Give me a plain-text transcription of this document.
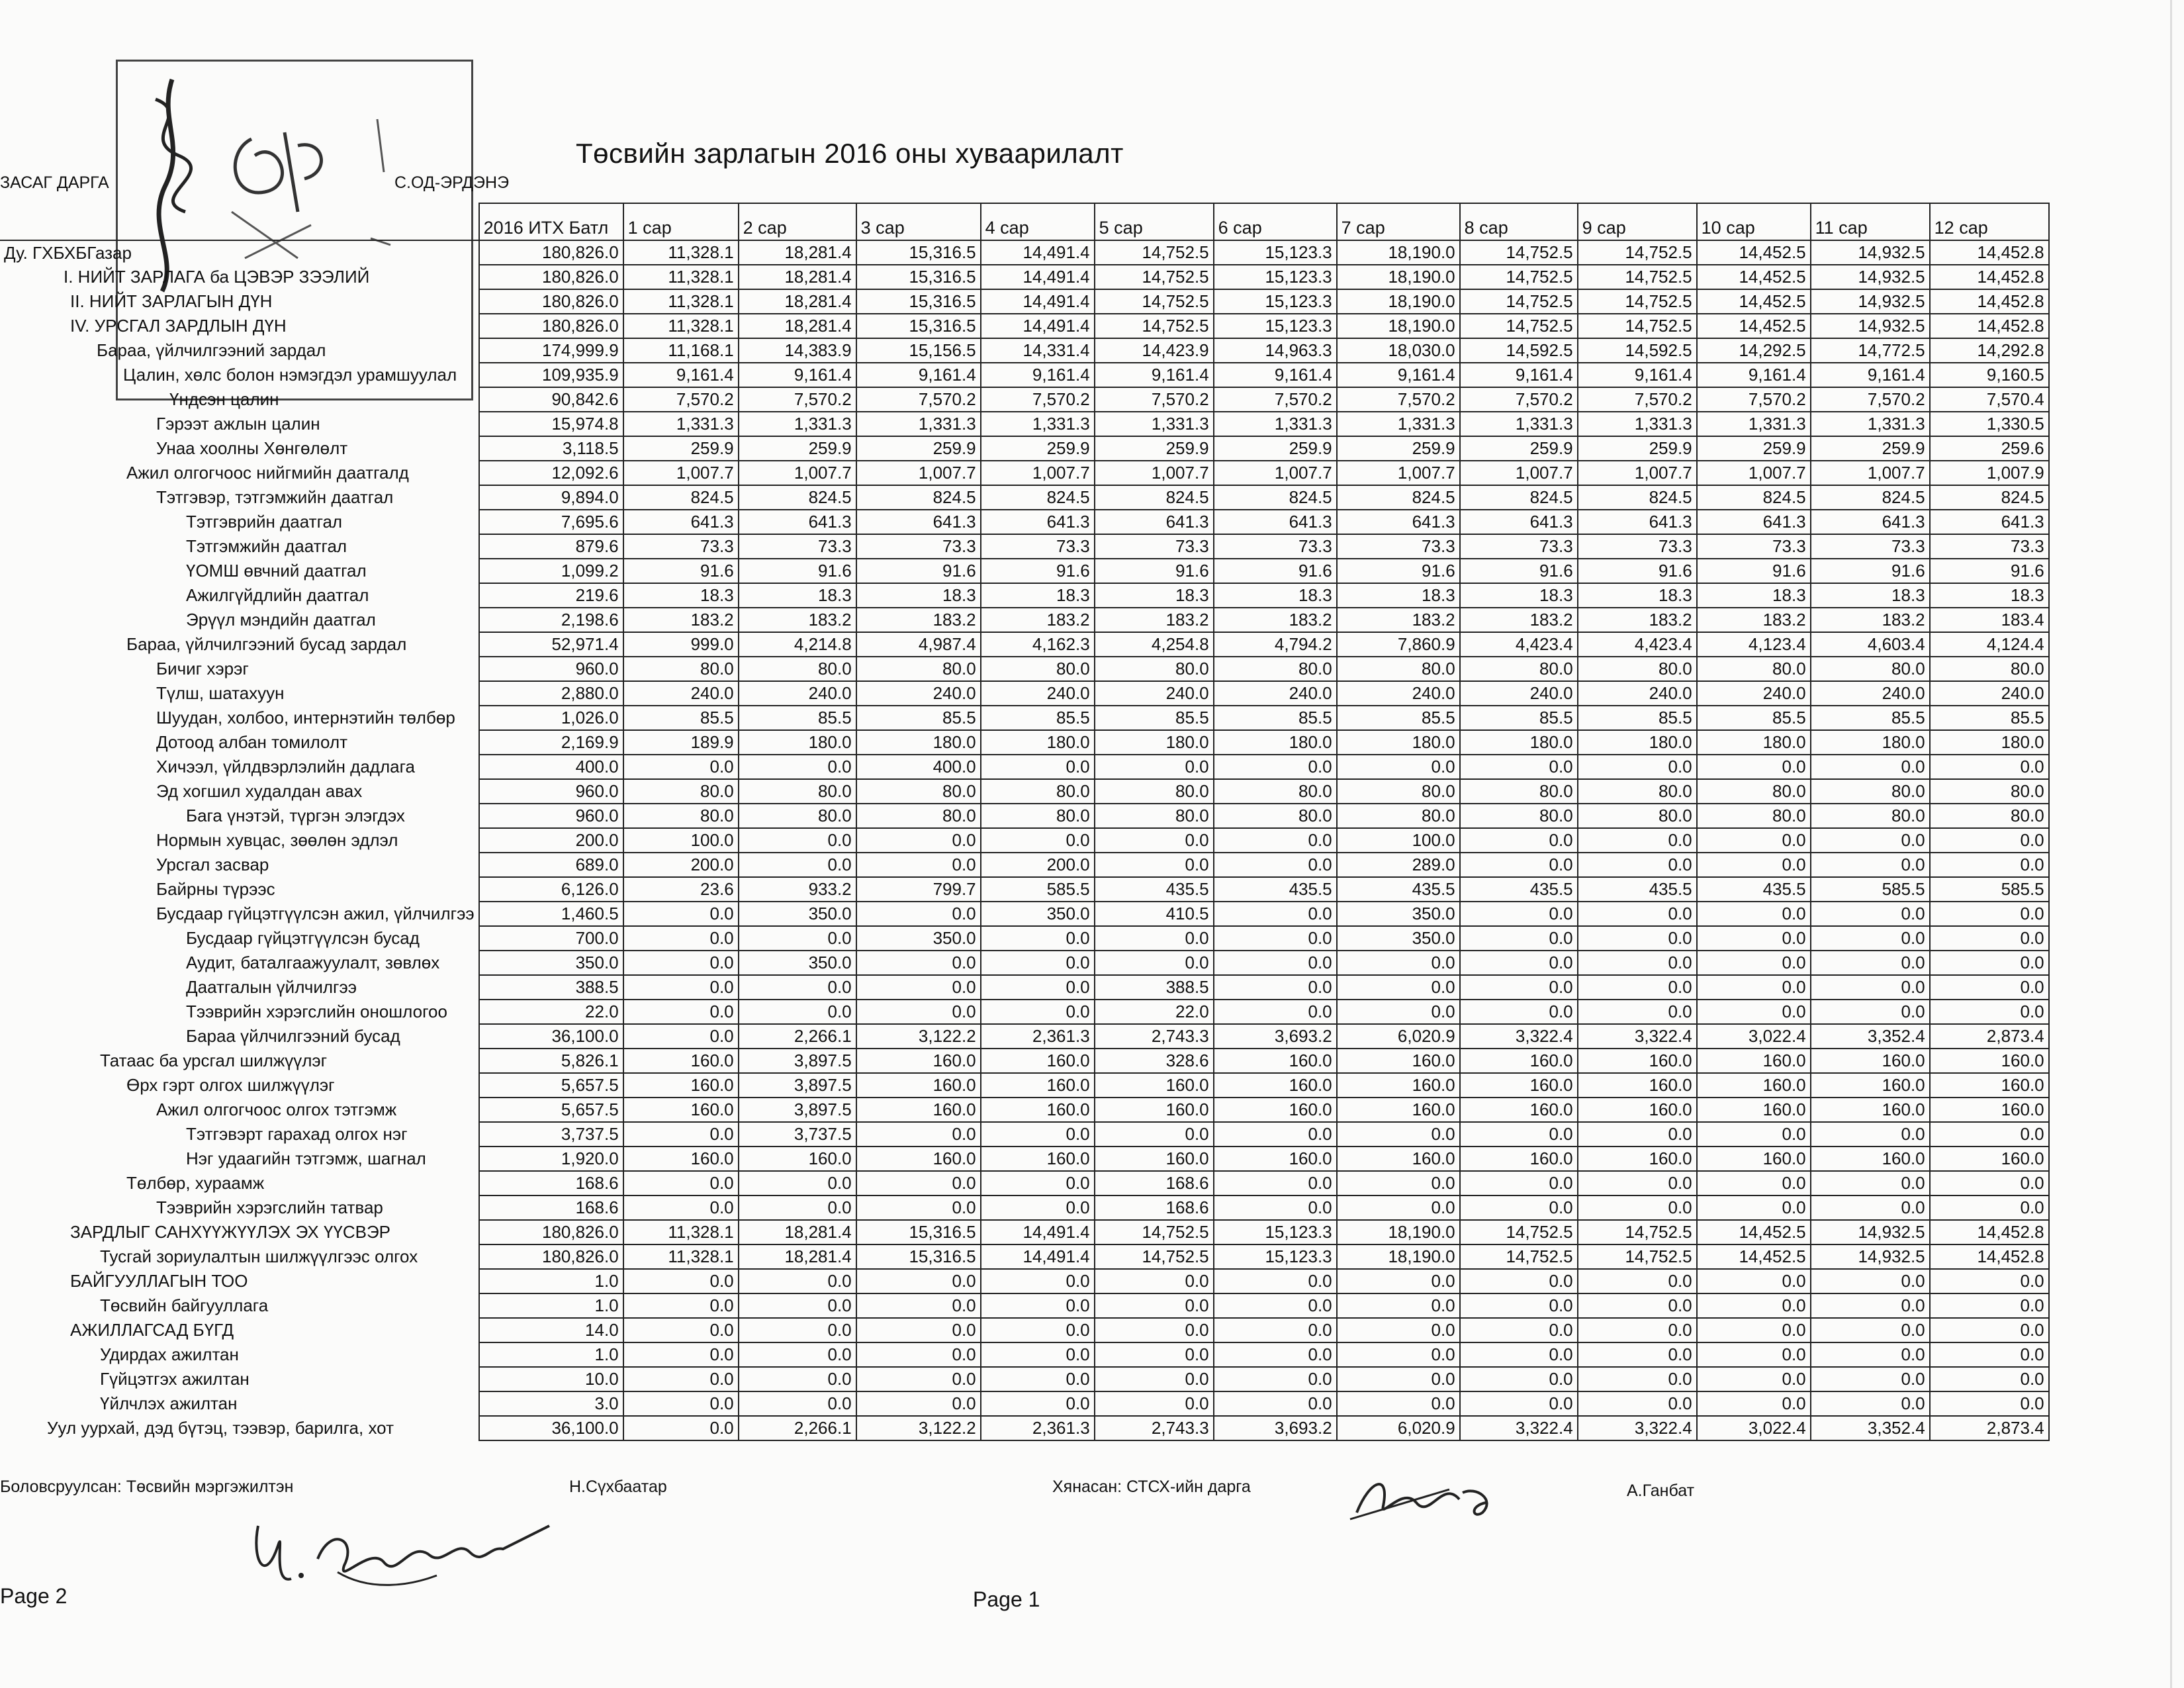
Төсвийн зарлагын 2016 оны хуваарилалт
ЗАСАГ ДАРГА	С.ОД-ЭРДЭНЭ
	2016 ИТХ Батл	1 сар	2 сар	3 сар	4 сар	5 сар	6 сар	7 сар	8 сар	9 сар	10 сар	11 сар	12 сар
Ду. ГХБХБГазар	180,826.0	11,328.1	18,281.4	15,316.5	14,491.4	14,752.5	15,123.3	18,190.0	14,752.5	14,752.5	14,452.5	14,932.5	14,452.8
I. НИЙТ ЗАРЛАГА ба ЦЭВЭР ЗЭЭЛИЙ	180,826.0	11,328.1	18,281.4	15,316.5	14,491.4	14,752.5	15,123.3	18,190.0	14,752.5	14,752.5	14,452.5	14,932.5	14,452.8
II. НИЙТ ЗАРЛАГЫН ДҮН	180,826.0	11,328.1	18,281.4	15,316.5	14,491.4	14,752.5	15,123.3	18,190.0	14,752.5	14,752.5	14,452.5	14,932.5	14,452.8
IV. УРСГАЛ ЗАРДЛЫН ДҮН	180,826.0	11,328.1	18,281.4	15,316.5	14,491.4	14,752.5	15,123.3	18,190.0	14,752.5	14,752.5	14,452.5	14,932.5	14,452.8
Бараа, үйлчилгээний зардал	174,999.9	11,168.1	14,383.9	15,156.5	14,331.4	14,423.9	14,963.3	18,030.0	14,592.5	14,592.5	14,292.5	14,772.5	14,292.8
Цалин, хөлс болон нэмэгдэл урамшуулал	109,935.9	9,161.4	9,161.4	9,161.4	9,161.4	9,161.4	9,161.4	9,161.4	9,161.4	9,161.4	9,161.4	9,161.4	9,160.5
Үндсэн цалин	90,842.6	7,570.2	7,570.2	7,570.2	7,570.2	7,570.2	7,570.2	7,570.2	7,570.2	7,570.2	7,570.2	7,570.2	7,570.4
Гэрээт ажлын цалин	15,974.8	1,331.3	1,331.3	1,331.3	1,331.3	1,331.3	1,331.3	1,331.3	1,331.3	1,331.3	1,331.3	1,331.3	1,330.5
Унаа хоолны Хөнгөлөлт	3,118.5	259.9	259.9	259.9	259.9	259.9	259.9	259.9	259.9	259.9	259.9	259.9	259.6
Ажил олгогчоос нийгмийн даатгалд	12,092.6	1,007.7	1,007.7	1,007.7	1,007.7	1,007.7	1,007.7	1,007.7	1,007.7	1,007.7	1,007.7	1,007.7	1,007.9
Тэтгэвэр, тэтгэмжийн даатгал	9,894.0	824.5	824.5	824.5	824.5	824.5	824.5	824.5	824.5	824.5	824.5	824.5	824.5
Тэтгэврийн даатгал	7,695.6	641.3	641.3	641.3	641.3	641.3	641.3	641.3	641.3	641.3	641.3	641.3	641.3
Тэтгэмжийн даатгал	879.6	73.3	73.3	73.3	73.3	73.3	73.3	73.3	73.3	73.3	73.3	73.3	73.3
ҮОМШ өвчний даатгал	1,099.2	91.6	91.6	91.6	91.6	91.6	91.6	91.6	91.6	91.6	91.6	91.6	91.6
Ажилгүйдлийн даатгал	219.6	18.3	18.3	18.3	18.3	18.3	18.3	18.3	18.3	18.3	18.3	18.3	18.3
Эрүүл мэндийн даатгал	2,198.6	183.2	183.2	183.2	183.2	183.2	183.2	183.2	183.2	183.2	183.2	183.2	183.4
Бараа, үйлчилгээний бусад зардал	52,971.4	999.0	4,214.8	4,987.4	4,162.3	4,254.8	4,794.2	7,860.9	4,423.4	4,423.4	4,123.4	4,603.4	4,124.4
Бичиг хэрэг	960.0	80.0	80.0	80.0	80.0	80.0	80.0	80.0	80.0	80.0	80.0	80.0	80.0
Түлш, шатахуун	2,880.0	240.0	240.0	240.0	240.0	240.0	240.0	240.0	240.0	240.0	240.0	240.0	240.0
Шуудан, холбоо, интернэтийн төлбөр	1,026.0	85.5	85.5	85.5	85.5	85.5	85.5	85.5	85.5	85.5	85.5	85.5	85.5
Дотоод албан томилолт	2,169.9	189.9	180.0	180.0	180.0	180.0	180.0	180.0	180.0	180.0	180.0	180.0	180.0
Хичээл, үйлдвэрлэлийн дадлага	400.0	0.0	0.0	400.0	0.0	0.0	0.0	0.0	0.0	0.0	0.0	0.0	0.0
Эд хогшил худалдан авах	960.0	80.0	80.0	80.0	80.0	80.0	80.0	80.0	80.0	80.0	80.0	80.0	80.0
Бага үнэтэй, түргэн элэгдэх	960.0	80.0	80.0	80.0	80.0	80.0	80.0	80.0	80.0	80.0	80.0	80.0	80.0
Нормын хувцас, зөөлөн эдлэл	200.0	100.0	0.0	0.0	0.0	0.0	0.0	100.0	0.0	0.0	0.0	0.0	0.0
Урсгал засвар	689.0	200.0	0.0	0.0	200.0	0.0	0.0	289.0	0.0	0.0	0.0	0.0	0.0
Байрны түрээс	6,126.0	23.6	933.2	799.7	585.5	435.5	435.5	435.5	435.5	435.5	435.5	585.5	585.5
Бусдаар гүйцэтгүүлсэн ажил, үйлчилгээ	1,460.5	0.0	350.0	0.0	350.0	410.5	0.0	350.0	0.0	0.0	0.0	0.0	0.0
Бусдаар гүйцэтгүүлсэн бусад	700.0	0.0	0.0	350.0	0.0	0.0	0.0	350.0	0.0	0.0	0.0	0.0	0.0
Аудит, баталгаажуулалт, зөвлөх	350.0	0.0	350.0	0.0	0.0	0.0	0.0	0.0	0.0	0.0	0.0	0.0	0.0
Даатгалын үйлчилгээ	388.5	0.0	0.0	0.0	0.0	388.5	0.0	0.0	0.0	0.0	0.0	0.0	0.0
Тээврийн хэрэгслийн оношлогоо	22.0	0.0	0.0	0.0	0.0	22.0	0.0	0.0	0.0	0.0	0.0	0.0	0.0
Бараа үйлчилгээний бусад	36,100.0	0.0	2,266.1	3,122.2	2,361.3	2,743.3	3,693.2	6,020.9	3,322.4	3,322.4	3,022.4	3,352.4	2,873.4
Татаас ба урсгал шилжүүлэг	5,826.1	160.0	3,897.5	160.0	160.0	328.6	160.0	160.0	160.0	160.0	160.0	160.0	160.0
Өрх гэрт олгох шилжүүлэг	5,657.5	160.0	3,897.5	160.0	160.0	160.0	160.0	160.0	160.0	160.0	160.0	160.0	160.0
Ажил олгогчоос олгох тэтгэмж	5,657.5	160.0	3,897.5	160.0	160.0	160.0	160.0	160.0	160.0	160.0	160.0	160.0	160.0
Тэтгэвэрт гарахад олгох нэг	3,737.5	0.0	3,737.5	0.0	0.0	0.0	0.0	0.0	0.0	0.0	0.0	0.0	0.0
Нэг удаагийн тэтгэмж, шагнал	1,920.0	160.0	160.0	160.0	160.0	160.0	160.0	160.0	160.0	160.0	160.0	160.0	160.0
Төлбөр, хураамж	168.6	0.0	0.0	0.0	0.0	168.6	0.0	0.0	0.0	0.0	0.0	0.0	0.0
Тээврийн хэрэгслийн татвар	168.6	0.0	0.0	0.0	0.0	168.6	0.0	0.0	0.0	0.0	0.0	0.0	0.0
ЗАРДЛЫГ САНХҮҮЖҮҮЛЭХ ЭХ ҮҮСВЭР	180,826.0	11,328.1	18,281.4	15,316.5	14,491.4	14,752.5	15,123.3	18,190.0	14,752.5	14,752.5	14,452.5	14,932.5	14,452.8
Тусгай зориулалтын шилжүүлгээс олгох	180,826.0	11,328.1	18,281.4	15,316.5	14,491.4	14,752.5	15,123.3	18,190.0	14,752.5	14,752.5	14,452.5	14,932.5	14,452.8
БАЙГУУЛЛАГЫН ТОО	1.0	0.0	0.0	0.0	0.0	0.0	0.0	0.0	0.0	0.0	0.0	0.0	0.0
Төсвийн байгууллага	1.0	0.0	0.0	0.0	0.0	0.0	0.0	0.0	0.0	0.0	0.0	0.0	0.0
АЖИЛЛАГСАД БҮГД	14.0	0.0	0.0	0.0	0.0	0.0	0.0	0.0	0.0	0.0	0.0	0.0	0.0
Удирдах ажилтан	1.0	0.0	0.0	0.0	0.0	0.0	0.0	0.0	0.0	0.0	0.0	0.0	0.0
Гүйцэтгэх ажилтан	10.0	0.0	0.0	0.0	0.0	0.0	0.0	0.0	0.0	0.0	0.0	0.0	0.0
Үйлчлэх ажилтан	3.0	0.0	0.0	0.0	0.0	0.0	0.0	0.0	0.0	0.0	0.0	0.0	0.0
Уул уурхай, дэд бүтэц, тээвэр, барилга, хот	36,100.0	0.0	2,266.1	3,122.2	2,361.3	2,743.3	3,693.2	6,020.9	3,322.4	3,322.4	3,022.4	3,352.4	2,873.4
Боловсруулсан: Төсвийн мэргэжилтэн	Н.Сүхбаатар	Хянасан: СТСХ-ийн дарга	А.Ганбат
Page 2	Page 1
